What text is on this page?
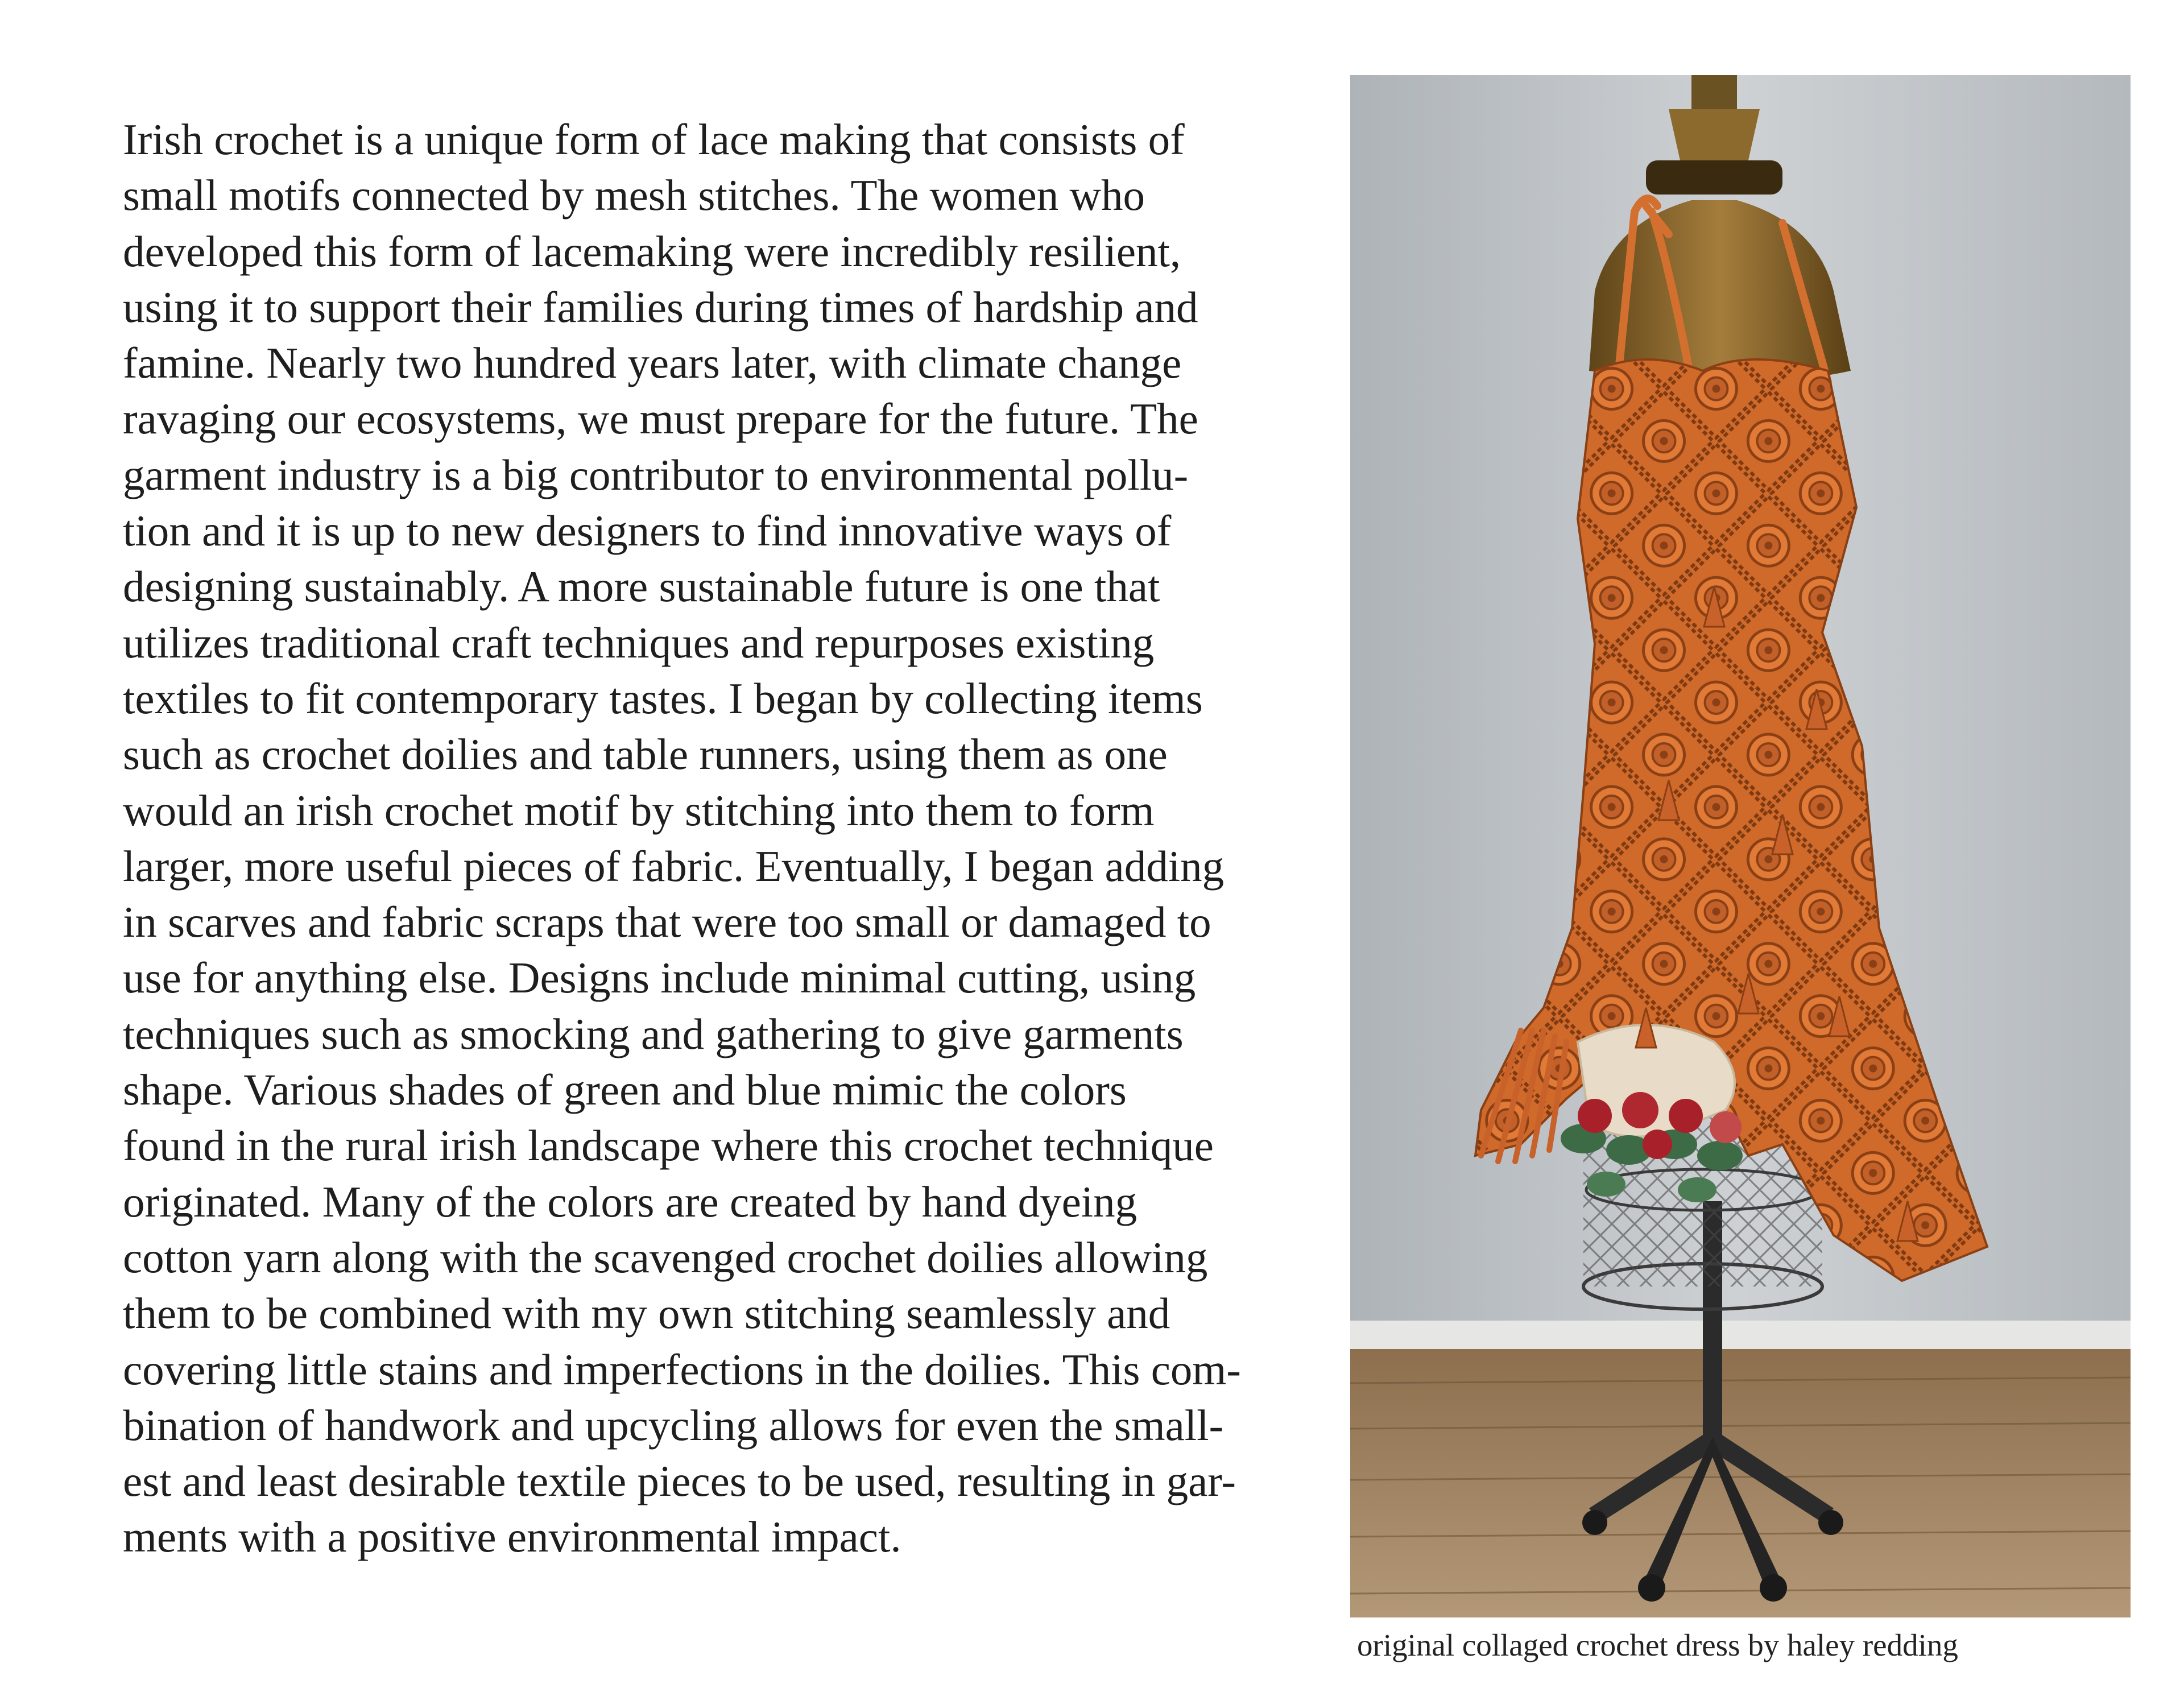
Irish crochet is a unique form of lace making that consists of
small motifs connected by mesh stitches. The women who
developed this form of lacemaking were incredibly resilient,
using it to support their families during times of hardship and
famine. Nearly two hundred years later, with climate change
ravaging our ecosystems, we must prepare for the future. The
garment industry is a big contributor to environmental pollu-
tion and it is up to new designers to find innovative ways of
designing sustainably. A more sustainable future is one that
utilizes traditional craft techniques and repurposes existing
textiles to fit contemporary tastes. I began by collecting items
such as crochet doilies and table runners, using them as one
would an irish crochet motif by stitching into them to form
larger, more useful pieces of fabric. Eventually, I began adding
in scarves and fabric scraps that were too small or damaged to
use for anything else. Designs include minimal cutting, using
techniques such as smocking and gathering to give garments
shape. Various shades of green and blue mimic the colors
found in the rural irish landscape where this crochet technique
originated. Many of the colors are created by hand dyeing
cotton yarn along with the scavenged crochet doilies allowing
them to be combined with my own stitching seamlessly and
covering little stains and imperfections in the doilies. This com-
bination of handwork and upcycling allows for even the small-
est and least desirable textile pieces to be used, resulting in gar-
ments with a positive environmental impact.
original collaged crochet dress by haley redding
